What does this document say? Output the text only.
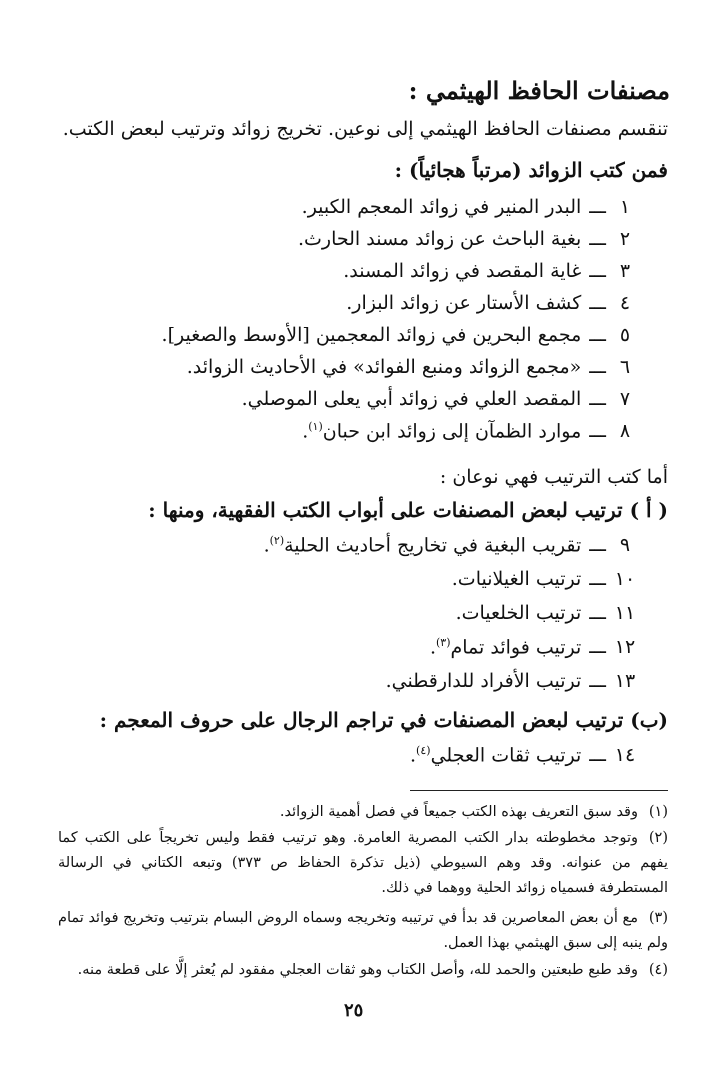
مصنفات الحافظ الهيثمي :
تنقسم مصنفات الحافظ الهيثمي إلى نوعين. تخريج زوائد وترتيب لبعض الكتب.
فمن كتب الزوائد (مرتباً هجائياً) :
١ـــالبدر المنير في زوائد المعجم الكبير.
٢ـــبغية الباحث عن زوائد مسند الحارث.
٣ـــغاية المقصد في زوائد المسند.
٤ـــكشف الأستار عن زوائد البزار.
٥ـــمجمع البحرين في زوائد المعجمين [الأوسط والصغير].
٦ـــ«مجمع الزوائد ومنبع الفوائد» في الأحاديث الزوائد.
٧ـــالمقصد العلي في زوائد أبي يعلى الموصلي.
٨ـــموارد الظمآن إلى زوائد ابن حبان$^{(١)}$.
أما كتب الترتيب فهي نوعان :
( أ ) ترتيب لبعض المصنفات على أبواب الكتب الفقهية، ومنها :
٩ـــتقريب البغية في تخاريج أحاديث الحلية$^{(٢)}$.
١٠ـــترتيب الغيلانيات.
١١ـــترتيب الخلعيات.
١٢ـــترتيب فوائد تمام$^{(٣)}$.
١٣ـــترتيب الأفراد للدارقطني.
(ب) ترتيب لبعض المصنفات في تراجم الرجال على حروف المعجم :
١٤ـــترتيب ثقات العجلي$^{(٤)}$.
(١)وقد سبق التعريف بهذه الكتب جميعاً في فصل أهمية الزوائد.
(٢)وتوجد مخطوطته بدار الكتب المصرية العامرة. وهو ترتيب فقط وليس تخريجاً على الكتب كما يفهم من عنوانه. وقد وهم السيوطي (ذيل تذكرة الحفاظ ص ٣٧٣) وتبعه الكتاني في الرسالة المستطرفة فسمياه زوائد الحلية ووهما في ذلك.
(٣)مع أن بعض المعاصرين قد بدأ في ترتيبه وتخريجه وسماه الروض البسام بترتيب وتخريج فوائد تمام ولم ينبه إلى سبق الهيثمي بهذا العمل.
(٤)وقد طبع طبعتين والحمد لله، وأصل الكتاب وهو ثقات العجلي مفقود لم يُعثر إلَّا على قطعة منه.
٢٥
